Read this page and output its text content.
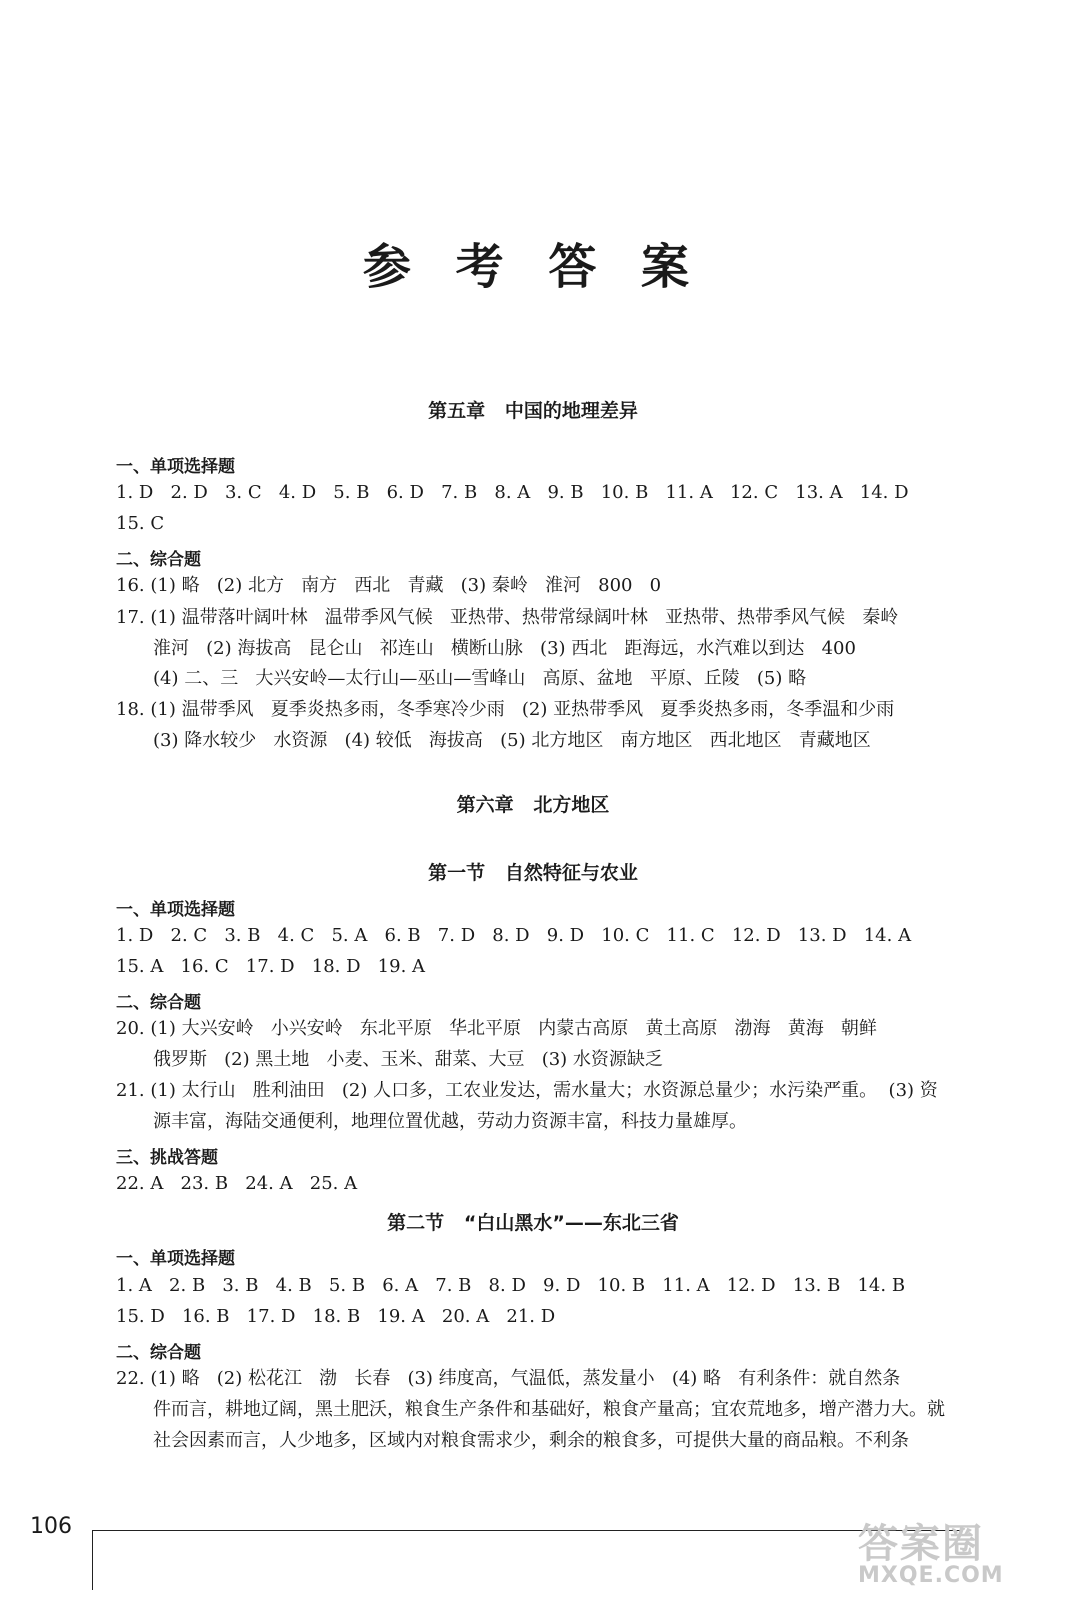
参 考 答 案
第五章   中国的地理差异
一、单项选择题
1. D   2. D   3. C   4. D   5. B   6. D   7. B   8. A   9. B   10. B   11. A   12. C   13. A   14. D
15. C
二、综合题
16. (1) 略   (2) 北方   南方   西北   青藏   (3) 秦岭   淮河   800   0
17. (1) 温带落叶阔叶林   温带季风气候   亚热带、热带常绿阔叶林   亚热带、热带季风气候   秦岭
淮河   (2) 海拔高   昆仑山   祁连山   横断山脉   (3) 西北   距海远，水汽难以到达   400
(4) 二、三   大兴安岭—太行山—巫山—雪峰山   高原、盆地   平原、丘陵   (5) 略
18. (1) 温带季风   夏季炎热多雨，冬季寒冷少雨   (2) 亚热带季风   夏季炎热多雨，冬季温和少雨
(3) 降水较少   水资源   (4) 较低   海拔高   (5) 北方地区   南方地区   西北地区   青藏地区
第六章   北方地区
第一节   自然特征与农业
一、单项选择题
1. D   2. C   3. B   4. C   5. A   6. B   7. D   8. D   9. D   10. C   11. C   12. D   13. D   14. A
15. A   16. C   17. D   18. D   19. A
二、综合题
20. (1) 大兴安岭   小兴安岭   东北平原   华北平原   内蒙古高原   黄土高原   渤海   黄海   朝鲜
俄罗斯   (2) 黑土地   小麦、玉米、甜菜、大豆   (3) 水资源缺乏
21. (1) 太行山   胜利油田   (2) 人口多，工农业发达，需水量大；水资源总量少；水污染严重。  (3) 资
源丰富，海陆交通便利，地理位置优越，劳动力资源丰富，科技力量雄厚。
三、挑战答题
22. A   23. B   24. A   25. A
第二节   “白山黑水”——东北三省
一、单项选择题
1. A   2. B   3. B   4. B   5. B   6. A   7. B   8. D   9. D   10. B   11. A   12. D   13. B   14. B
15. D   16. B   17. D   18. B   19. A   20. A   21. D
二、综合题
22. (1) 略   (2) 松花江   渤   长春   (3) 纬度高，气温低，蒸发量小   (4) 略   有利条件：就自然条
件而言，耕地辽阔，黑土肥沃，粮食生产条件和基础好，粮食产量高；宜农荒地多，增产潜力大。就
社会因素而言，人少地多，区域内对粮食需求少，剩余的粮食多，可提供大量的商品粮。不利条
106	答案圈
MXQE.COM
